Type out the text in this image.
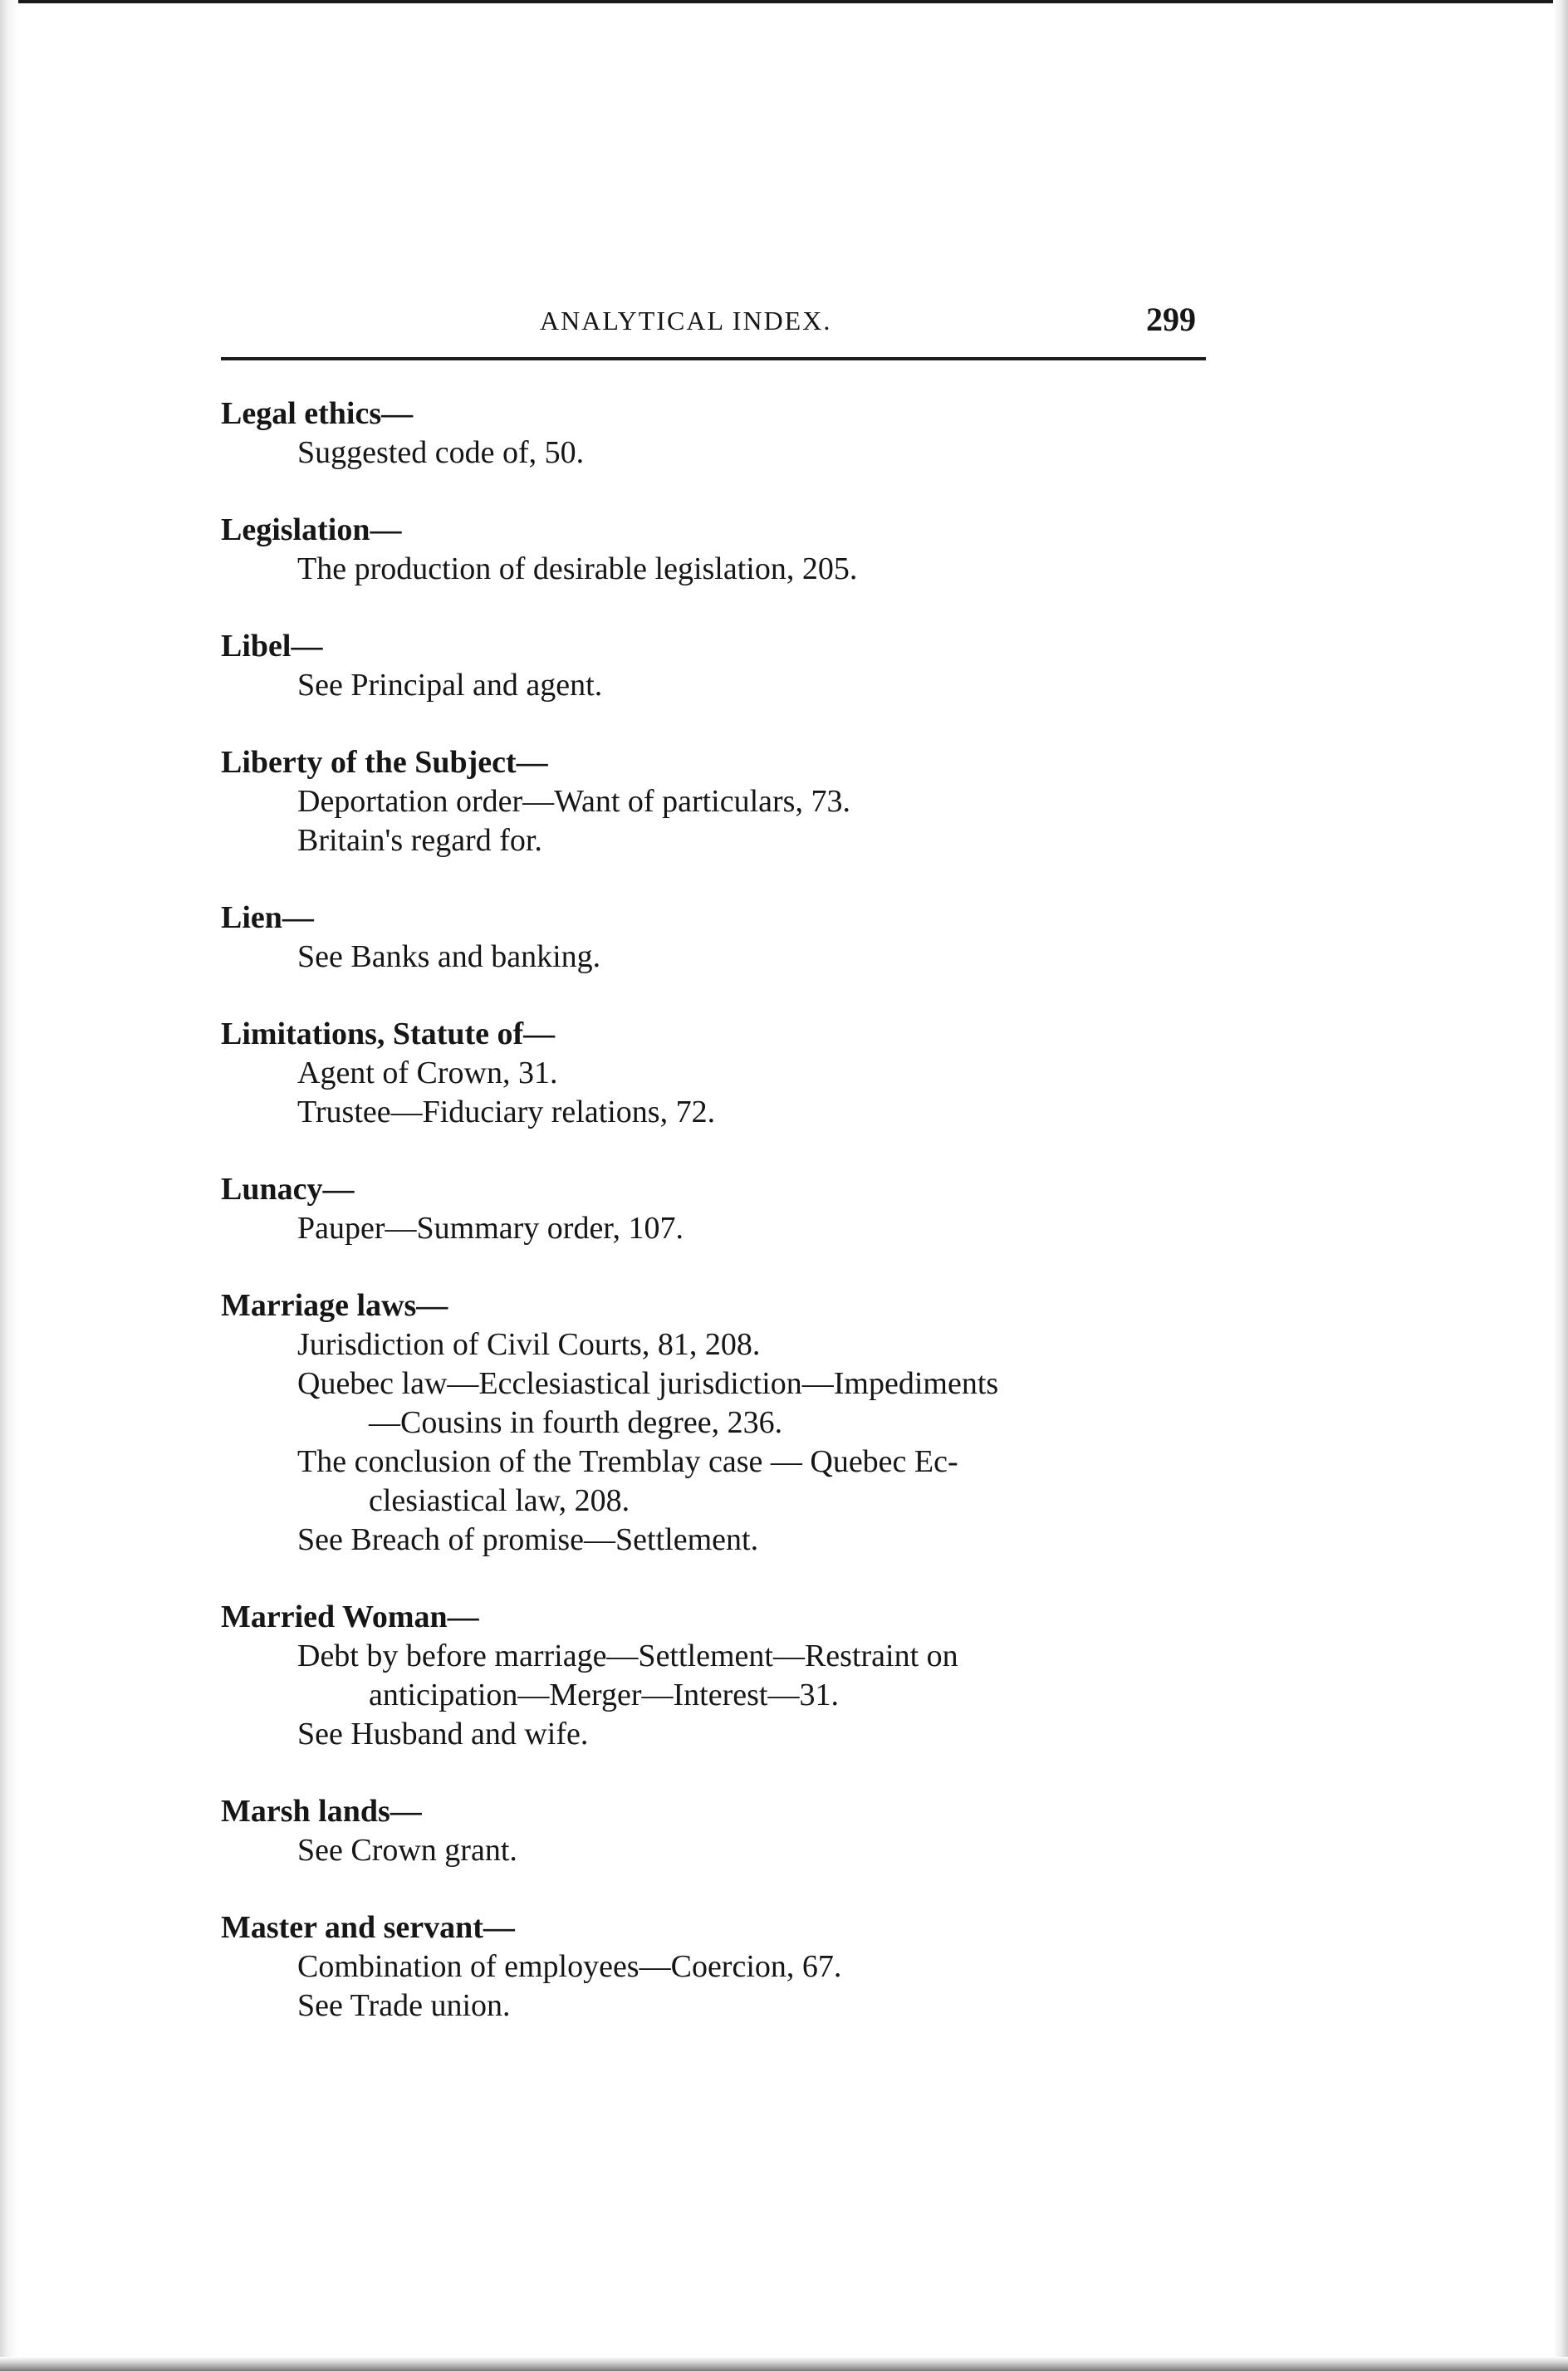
ANALYTICAL INDEX.	299
Legal ethics—
Suggested code of, 50.
Legislation—
The production of desirable legislation, 205.
Libel—
See Principal and agent.
Liberty of the Subject—
Deportation order—Want of particulars, 73.
Britain's regard for.
Lien—
See Banks and banking.
Limitations, Statute of—
Agent of Crown, 31.
Trustee—Fiduciary relations, 72.
Lunacy—
Pauper—Summary order, 107.
Marriage laws—
Jurisdiction of Civil Courts, 81, 208.
Quebec law—Ecclesiastical jurisdiction—Impediments
—Cousins in fourth degree, 236.
The conclusion of the Tremblay case — Quebec Ec-
clesiastical law, 208.
See Breach of promise—Settlement.
Married Woman—
Debt by before marriage—Settlement—Restraint on
anticipation—Merger—Interest—31.
See Husband and wife.
Marsh lands—
See Crown grant.
Master and servant—
Combination of employees—Coercion, 67.
See Trade union.
